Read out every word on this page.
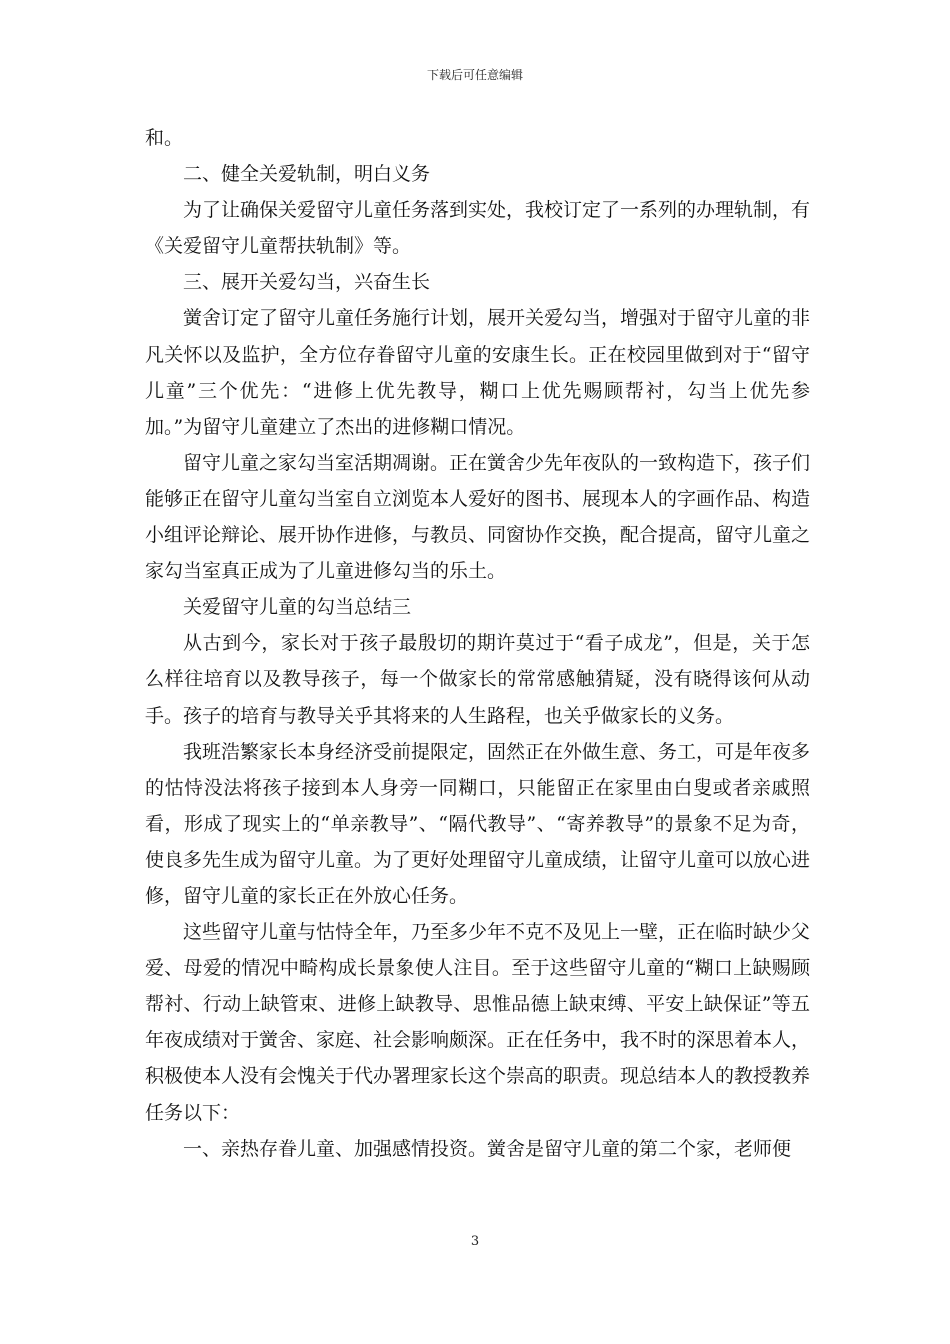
下载后可任意编辑

和。

二、健全关爱轨制，明白义务

为了让确保关爱留守儿童任务落到实处，我校订定了一系列的办理轨制，有《关爱留守儿童帮扶轨制》等。

三、展开关爱勾当，兴奋生长

黉舍订定了留守儿童任务施行计划，展开关爱勾当，增强对于留守儿童的非凡关怀以及监护，全方位存眷留守儿童的安康生长。正在校园里做到对于“留守儿童”三个优先：“进修上优先教导，糊口上优先赐顾帮衬，勾当上优先参加。”为留守儿童建立了杰出的进修糊口情况。

留守儿童之家勾当室活期凋谢。正在黉舍少先年夜队的一致构造下，孩子们能够正在留守儿童勾当室自立浏览本人爱好的图书、展现本人的字画作品、构造小组评论辩论、展开协作进修，与教员、同窗协作交换，配合提高，留守儿童之家勾当室真正成为了儿童进修勾当的乐土。

关爱留守儿童的勾当总结三

从古到今，家长对于孩子最殷切的期许莫过于“看子成龙”，但是，关于怎么样往培育以及教导孩子，每一个做家长的常常感触猜疑，没有晓得该何从动手。孩子的培育与教导关乎其将来的人生路程，也关乎做家长的义务。

我班浩繁家长本身经济受前提限定，固然正在外做生意、务工，可是年夜多的怙恃没法将孩子接到本人身旁一同糊口，只能留正在家里由白叟或者亲戚照看，形成了现实上的“单亲教导”、“隔代教导”、“寄养教导”的景象不足为奇，使良多先生成为留守儿童。为了更好处理留守儿童成绩，让留守儿童可以放心进修，留守儿童的家长正在外放心任务。

这些留守儿童与怙恃全年，乃至多少年不克不及见上一壁，正在临时缺少父爱、母爱的情况中畸构成长景象使人注目。至于这些留守儿童的“糊口上缺赐顾帮衬、行动上缺管束、进修上缺教导、思惟品德上缺束缚、平安上缺保证”等五年夜成绩对于黉舍、家庭、社会影响颇深。正在任务中，我不时的深思着本人，积极使本人没有会愧关于代办署理家长这个崇高的职责。现总结本人的教授教养任务以下：

一、亲热存眷儿童、加强感情投资。黉舍是留守儿童的第二个家，老师便

3
